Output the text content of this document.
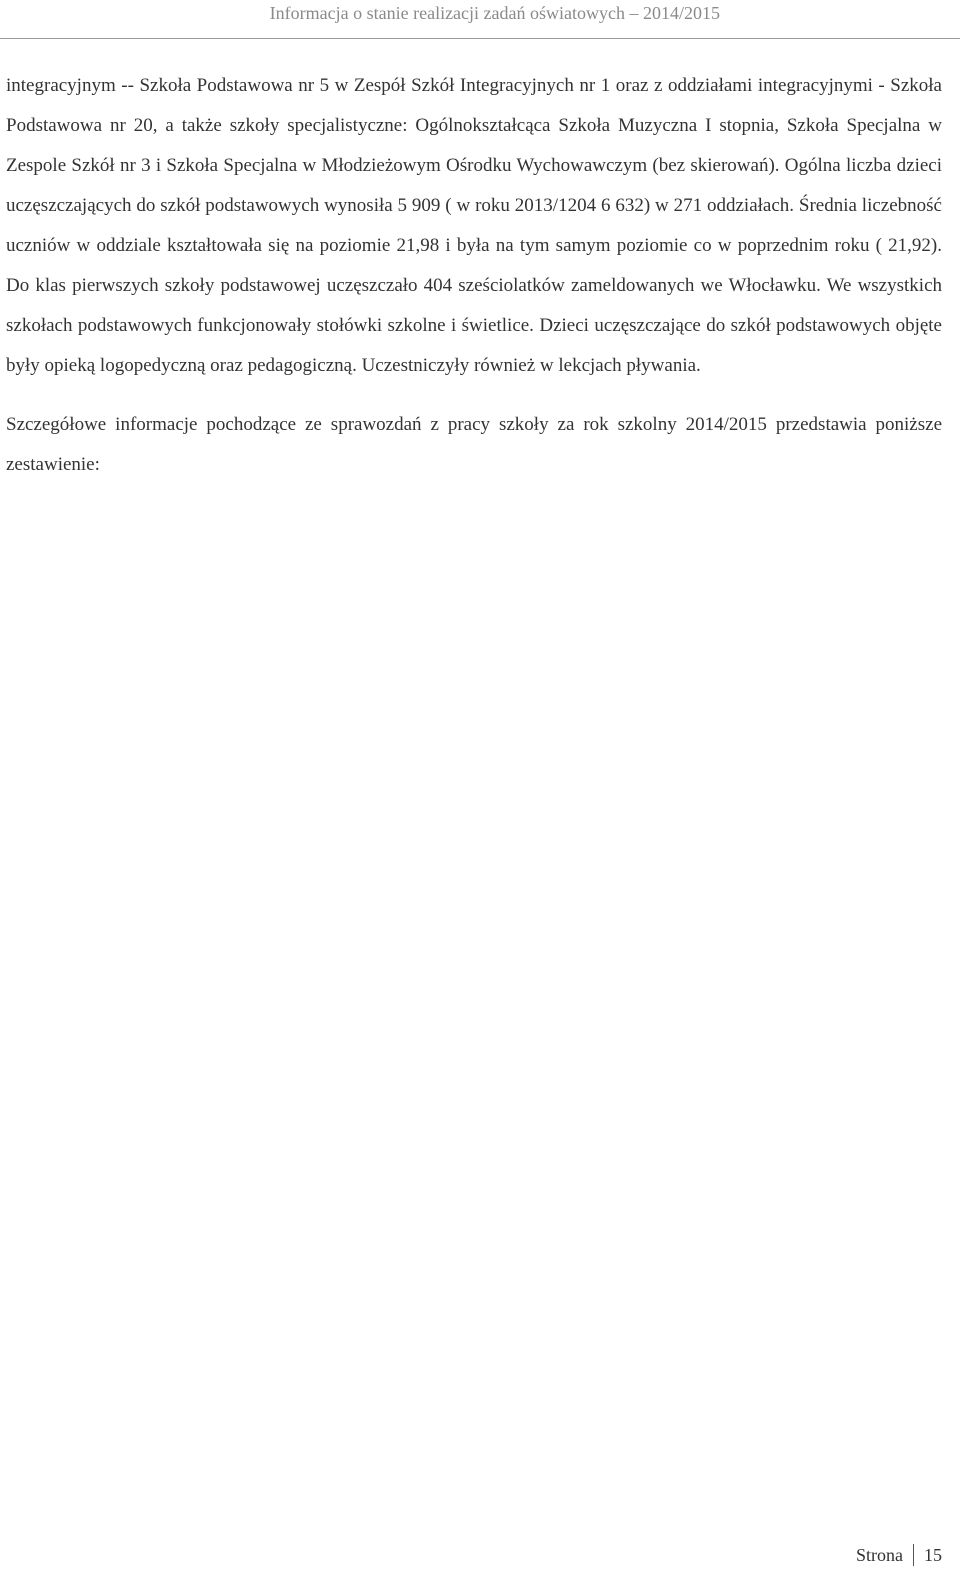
Informacja o stanie realizacji zadań oświatowych – 2014/2015

integracyjnym -- Szkoła Podstawowa nr 5 w Zespół Szkół Integracyjnych nr 1 oraz z oddziałami integracyjnymi - Szkoła Podstawowa nr 20, a także szkoły specjalistyczne: Ogólnokształcąca Szkoła Muzyczna I stopnia, Szkoła Specjalna w Zespole Szkół nr 3 i Szkoła Specjalna w Młodzieżowym Ośrodku Wychowawczym (bez skierowań). Ogólna liczba dzieci uczęszczających do szkół podstawowych wynosiła 5 909 ( w roku 2013/1204 6 632) w 271 oddziałach. Średnia liczebność uczniów w oddziale kształtowała się na poziomie 21,98 i była na tym samym poziomie co w poprzednim roku ( 21,92). Do klas pierwszych szkoły podstawowej uczęszczało 404 sześciolatków zameldowanych we Włocławku. We wszystkich szkołach podstawowych funkcjonowały stołówki szkolne i świetlice. Dzieci uczęszczające do szkół podstawowych objęte były opieką logopedyczną oraz pedagogiczną. Uczestniczyły również w lekcjach pływania.

Szczegółowe informacje pochodzące ze sprawozdań z pracy szkoły za rok szkolny 2014/2015 przedstawia poniższe zestawienie:

Strona 15
